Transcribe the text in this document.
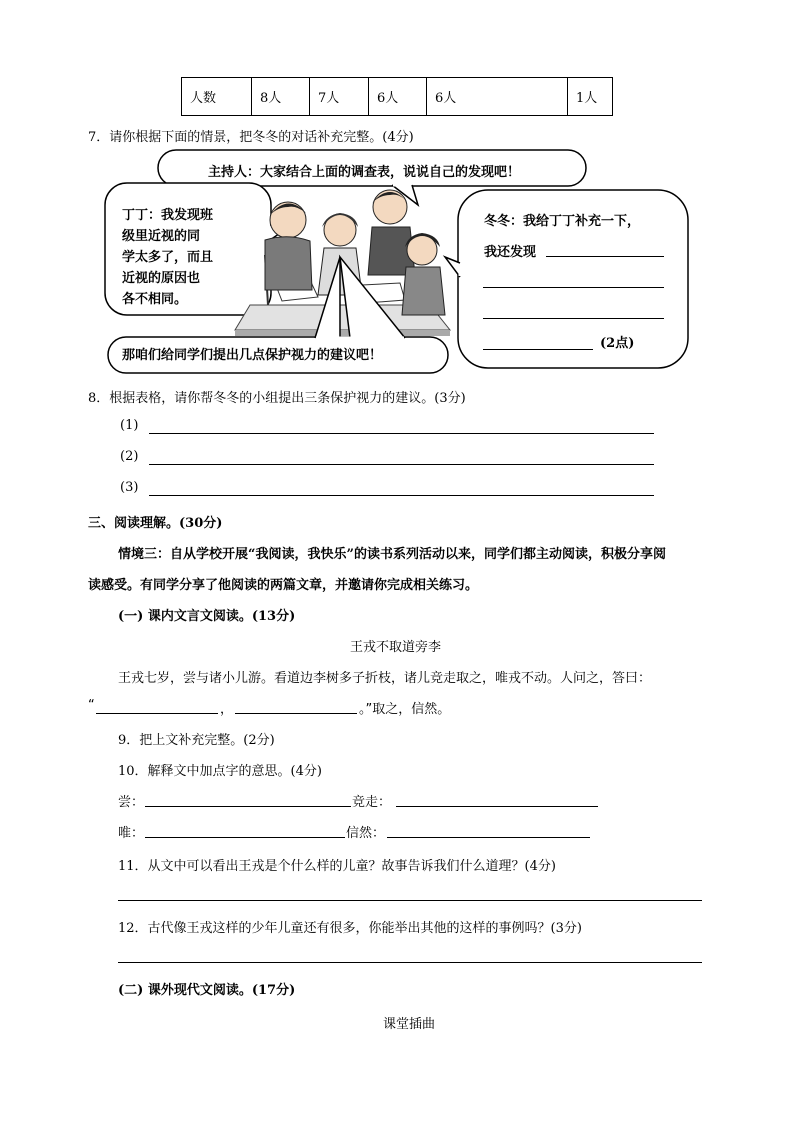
人数	8人	7人	6人	6人	1人
7．请你根据下面的情景，把冬冬的对话补充完整。(4分)
主持人：大家结合上面的调查表，说说自己的发现吧！
丁丁：我发现班
级里近视的同
学太多了，而且
近视的原因也
各不相同。
冬冬：我给丁丁补充一下，
我还发现
(2点)
那咱们给同学们提出几点保护视力的建议吧！
8．根据表格，请你帮冬冬的小组提出三条保护视力的建议。(3分)
(1)
(2)
(3)
三、阅读理解。(30分)
情境三：自从学校开展“我阅读，我快乐”的读书系列活动以来，同学们都主动阅读，积极分享阅
读感受。有同学分享了他阅读的两篇文章，并邀请你完成相关练习。
(一) 课内文言文阅读。(13分)
王戎不取道旁李
王戎七岁，尝与诸小儿游。看道边李树多子折枝，诸儿竞走取之，唯戎不动。人问之，答曰：
“	，	。”取之，信然。
9．把上文补充完整。(2分)
10．解释文中加点字的意思。(4分)
尝：	竞走：
唯：	信然：
11．从文中可以看出王戎是个什么样的儿童？故事告诉我们什么道理？(4分)
12．古代像王戎这样的少年儿童还有很多，你能举出其他的这样的事例吗？(3分)
(二) 课外现代文阅读。(17分)
课堂插曲
